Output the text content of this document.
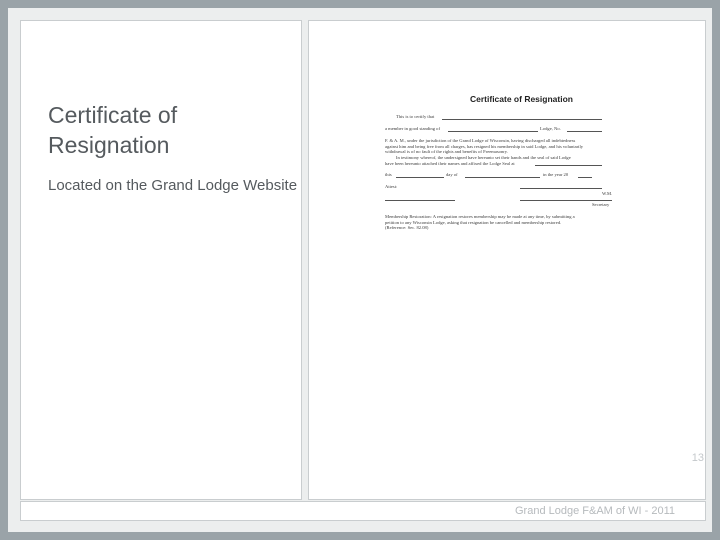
Certificate of Resignation
Located on the Grand Lodge Website
13
Grand Lodge F&AM of WI - 2011
Certificate of Resignation
This is to certify that
a member in good standing of	Lodge, No.
F. & A. M., under the jurisdiction of the Grand Lodge of Wisconsin, having discharged all indebtedness
against him and being free from all charges, has resigned his membership in said Lodge, and his voluntarily
withdrawal is of no fault of the rights and benefits of Freemasonry.
In testimony whereof, the undersigned have hereunto set their hands and the seal of said Lodge
have been hereunto attached their names and affixed the Lodge Seal at
this	day of	in the year 20
Attest:
W.M.
Secretary
Membership Restoration: A resignation restores membership may be made at any time, by submitting a
petition to any Wisconsin Lodge, asking that resignation be cancelled and membership restored.
(Reference: Sec. 82.08)
